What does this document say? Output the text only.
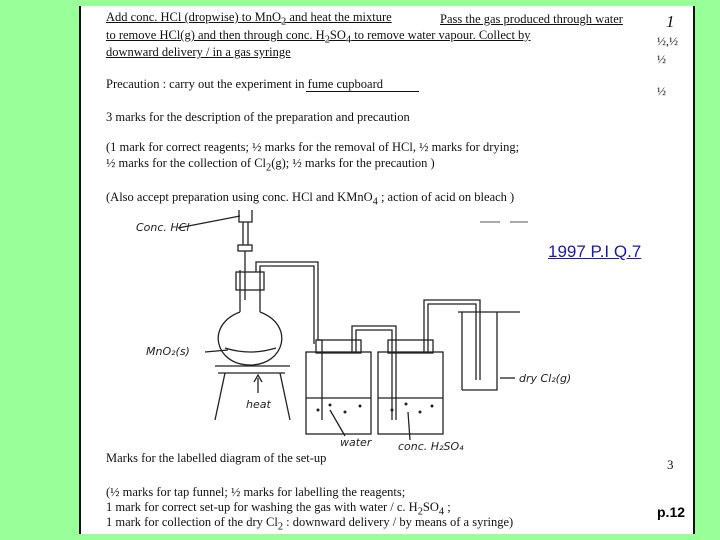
Add conc. HCl (dropwise) to MnO$_2$ and heat the mixture	Pass the gas produced through water
to remove HCl(g) and then through conc. $H_2SO_4$ to remove water vapour. Collect by
downward delivery / in a gas syringe
1
½,½
½
½
Precaution : carry out the experiment in fume cupboard
3 marks for the description of the preparation and precaution
(1 mark for correct reagents; ½ marks for the removal of HCl, ½ marks for drying;
½ marks for the collection of $Cl_2(g)$; ½ marks for the precaution )
(Also accept preparation using conc. HCl and KMnO$_4$ ; action of acid on bleach )
Conc. HCl
MnO₂(s)
heat
water conc. H₂SO₄
dry Cl₂(g)
1997 P.I Q.7
Marks for the labelled diagram of the set-up	3
(½ marks for tap funnel; ½ marks for labelling the reagents;
1 mark for correct set-up for washing the gas with water / c. $H_2SO_4$ ;
1 mark for collection of the dry $Cl_2$ : downward delivery / by means of a syringe)
p.12
